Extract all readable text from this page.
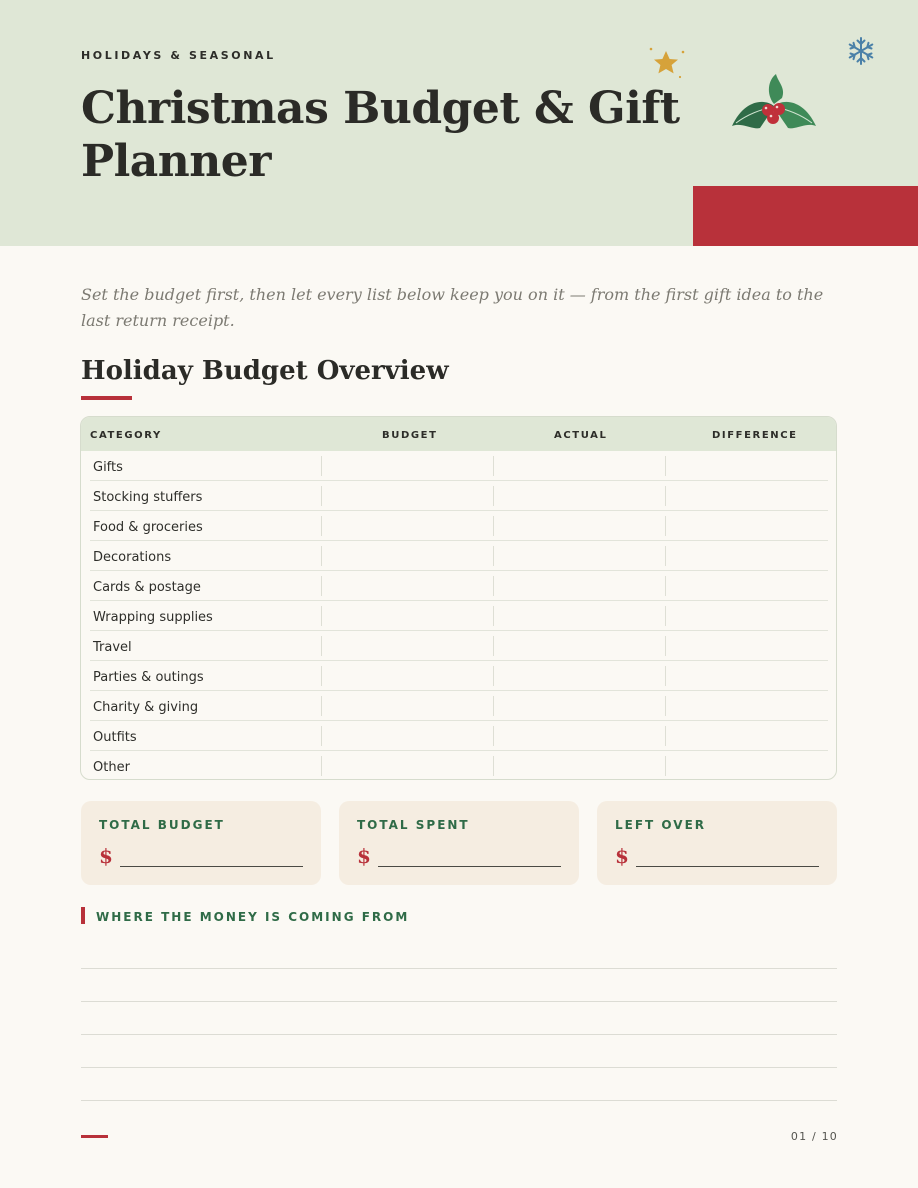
HOLIDAYS & SEASONAL
Christmas Budget & Gift Planner

Set the budget first, then let every list below keep you on it — from the first gift idea to the last return receipt.

Holiday Budget Overview
CATEGORY	BUDGET	ACTUAL	DIFFERENCE
Gifts
Stocking stuffers
Food & groceries
Decorations
Cards & postage
Wrapping supplies
Travel
Parties & outings
Charity & giving
Outfits
Other
TOTAL BUDGET
$
TOTAL SPENT
$
LEFT OVER
$
WHERE THE MONEY IS COMING FROM
01 / 10
